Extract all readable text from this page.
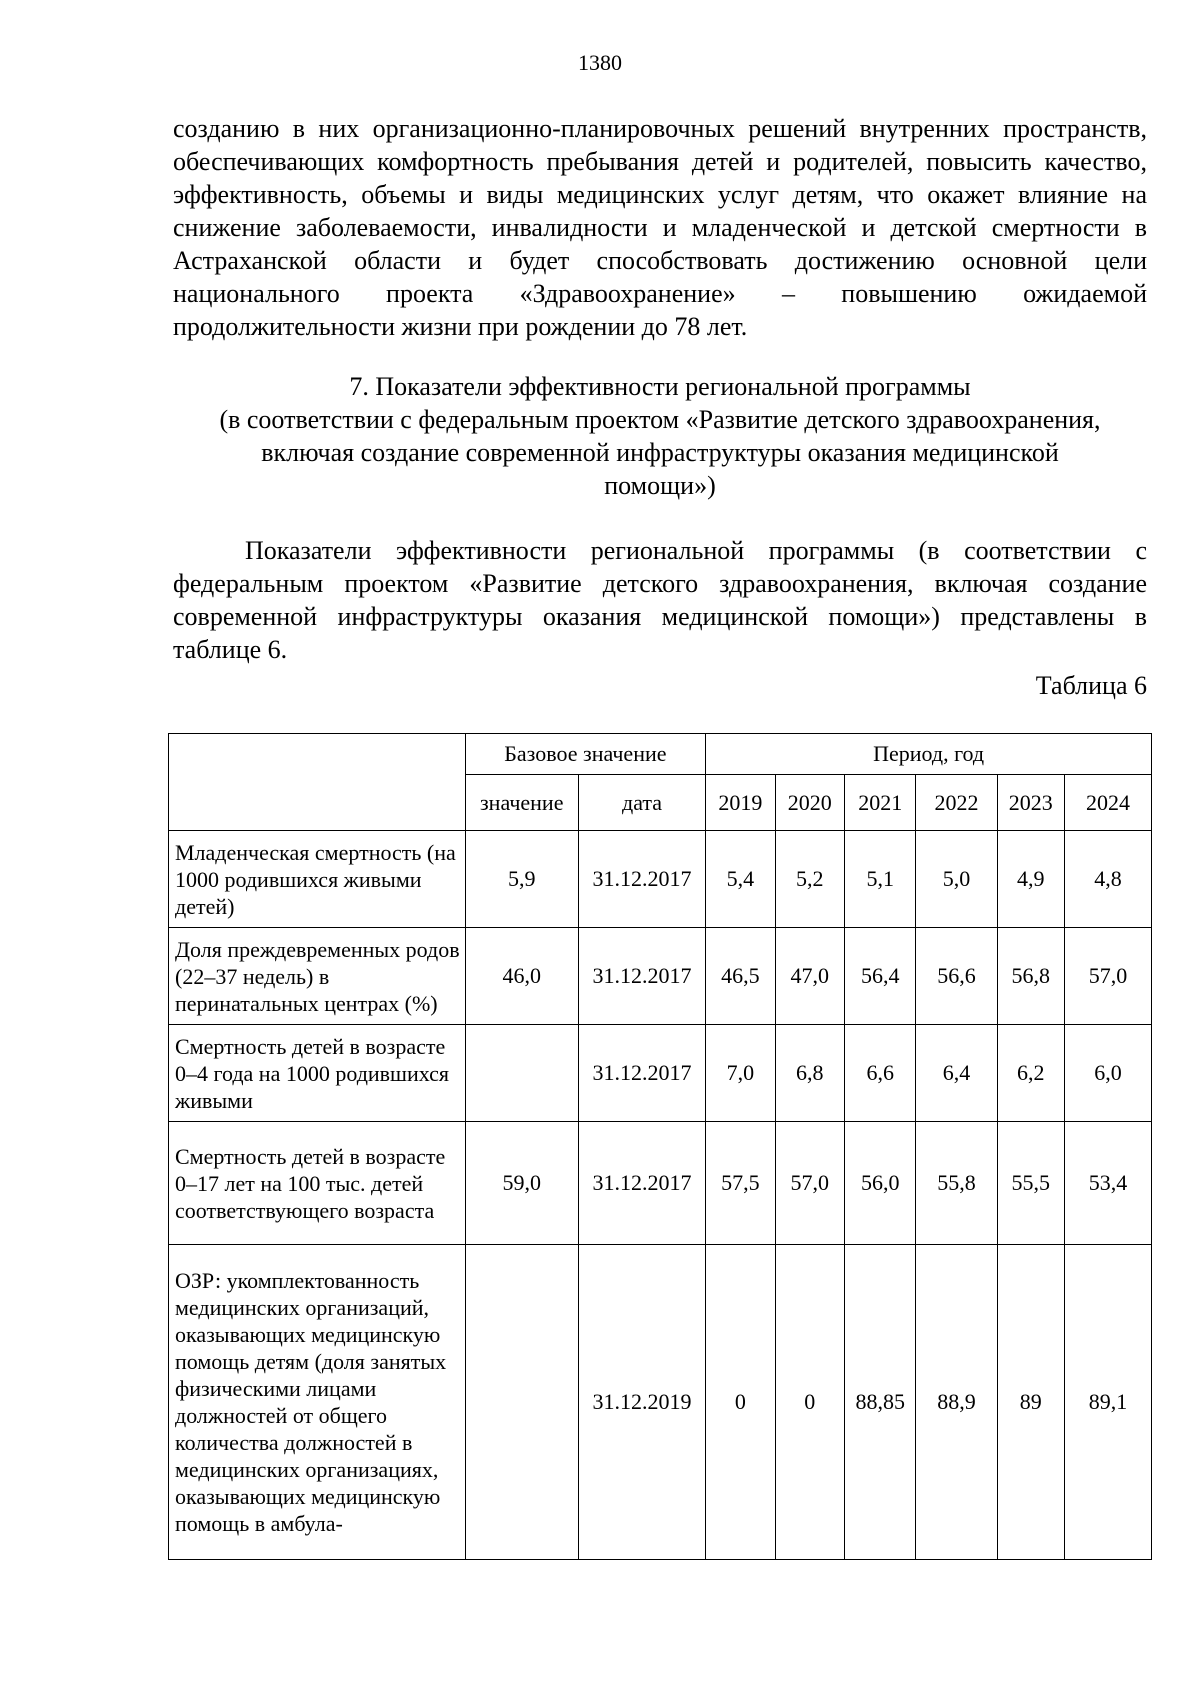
1380

созданию в них организационно-планировочных решений внутренних пространств, обеспечивающих комфортность пребывания детей и родителей, повысить качество, эффективность, объемы и виды медицинских услуг детям, что окажет влияние на снижение заболеваемости, инвалидности и младенческой и детской смертности в Астраханской области и будет способствовать достижению основной цели национального проекта «Здравоохранение» – повышению ожидаемой продолжительности жизни при рождении до 78 лет.

7. Показатели эффективности региональной программы
(в соответствии с федеральным проектом «Развитие детского здравоохранения,
включая создание современной инфраструктуры оказания медицинской
помощи»)

Показатели эффективности региональной программы (в соответствии с федеральным проектом «Развитие детского здравоохранения, включая создание современной инфраструктуры оказания медицинской помощи») представлены в таблице 6.

Таблица 6
	Базовое значение		Период, год					
	значение	дата	2019	2020	2021	2022	2023	2024
Младенческая смертность (на 1000 родившихся живыми детей)	5,9	31.12.2017	5,4	5,2	5,1	5,0	4,9	4,8
Доля преждевременных родов (22–37 недель) в перинатальных центрах (%)	46,0	31.12.2017	46,5	47,0	56,4	56,6	56,8	57,0
Смертность детей в возрасте 0–4 года на 1000 родившихся живыми		31.12.2017	7,0	6,8	6,6	6,4	6,2	6,0
Смертность детей в возрасте 0–17 лет на 100 тыс. детей соответствующего возраста	59,0	31.12.2017	57,5	57,0	56,0	55,8	55,5	53,4
ОЗР: укомплектованность медицинских организаций, оказывающих медицинскую помощь детям (доля занятых физическими лицами должностей от общего количества должностей в медицинских организациях, оказывающих медицинскую помощь в амбула-		31.12.2019	0	0	88,85	88,9	89	89,1
